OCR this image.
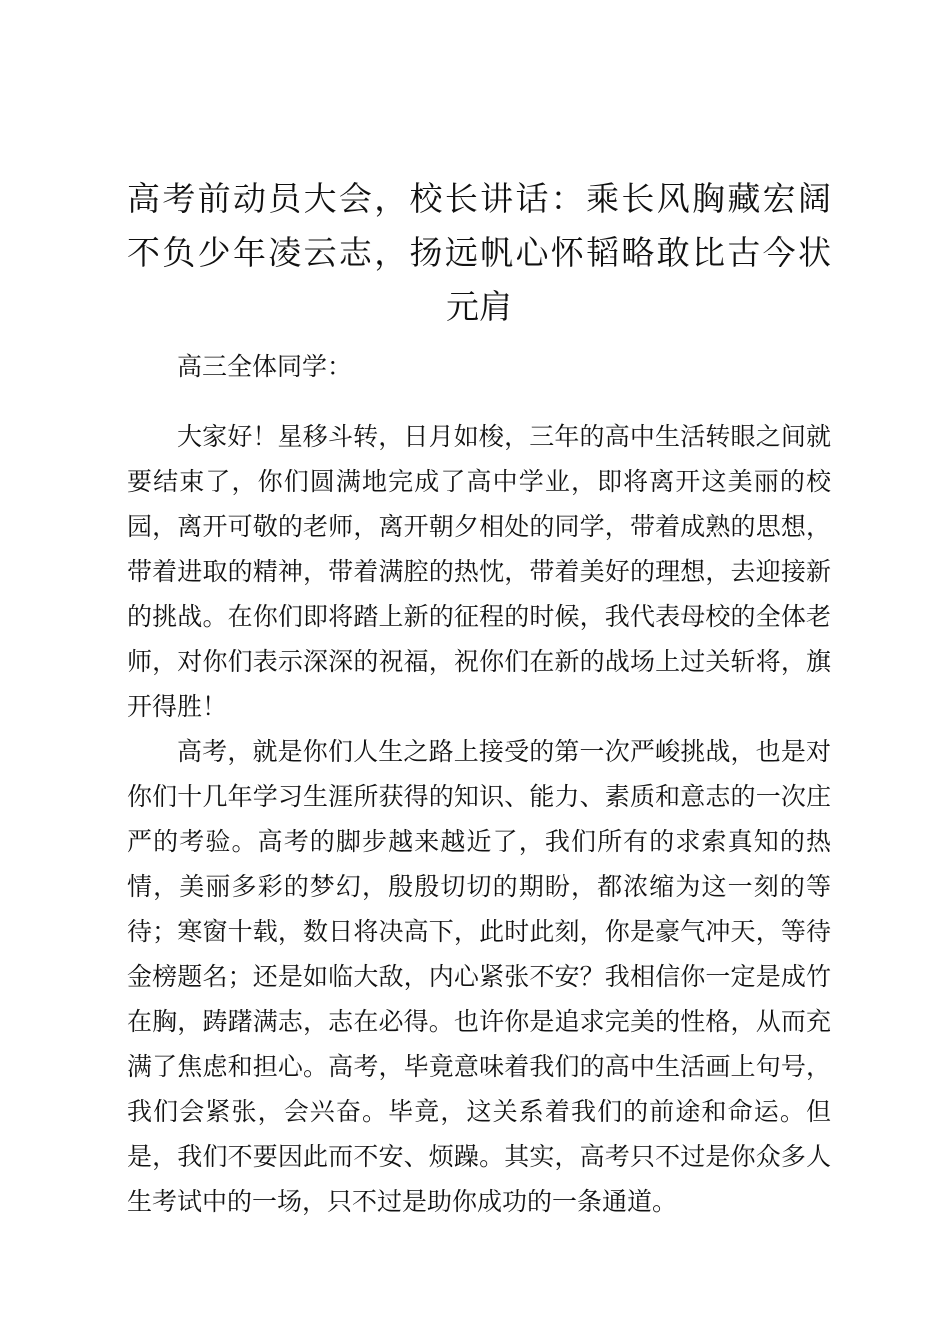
高考前动员大会，校长讲话：乘长风胸藏宏阔
不负少年凌云志，扬远帆心怀韬略敢比古今状
元肩

高三全体同学：

大家好！星移斗转，日月如梭，三年的高中生活转眼之间就要结束了，你们圆满地完成了高中学业，即将离开这美丽的校园，离开可敬的老师，离开朝夕相处的同学，带着成熟的思想，带着进取的精神，带着满腔的热忱，带着美好的理想，去迎接新的挑战。在你们即将踏上新的征程的时候，我代表母校的全体老师，对你们表示深深的祝福，祝你们在新的战场上过关斩将，旗开得胜！

高考，就是你们人生之路上接受的第一次严峻挑战，也是对你们十几年学习生涯所获得的知识、能力、素质和意志的一次庄严的考验。高考的脚步越来越近了，我们所有的求索真知的热情，美丽多彩的梦幻，殷殷切切的期盼，都浓缩为这一刻的等待；寒窗十载，数日将决高下，此时此刻，你是豪气冲天，等待金榜题名；还是如临大敌，内心紧张不安？我相信你一定是成竹在胸，踌躇满志，志在必得。也许你是追求完美的性格，从而充满了焦虑和担心。高考，毕竟意味着我们的高中生活画上句号，我们会紧张，会兴奋。毕竟，这关系着我们的前途和命运。但是，我们不要因此而不安、烦躁。其实，高考只不过是你众多人生考试中的一场，只不过是助你成功的一条通道。
